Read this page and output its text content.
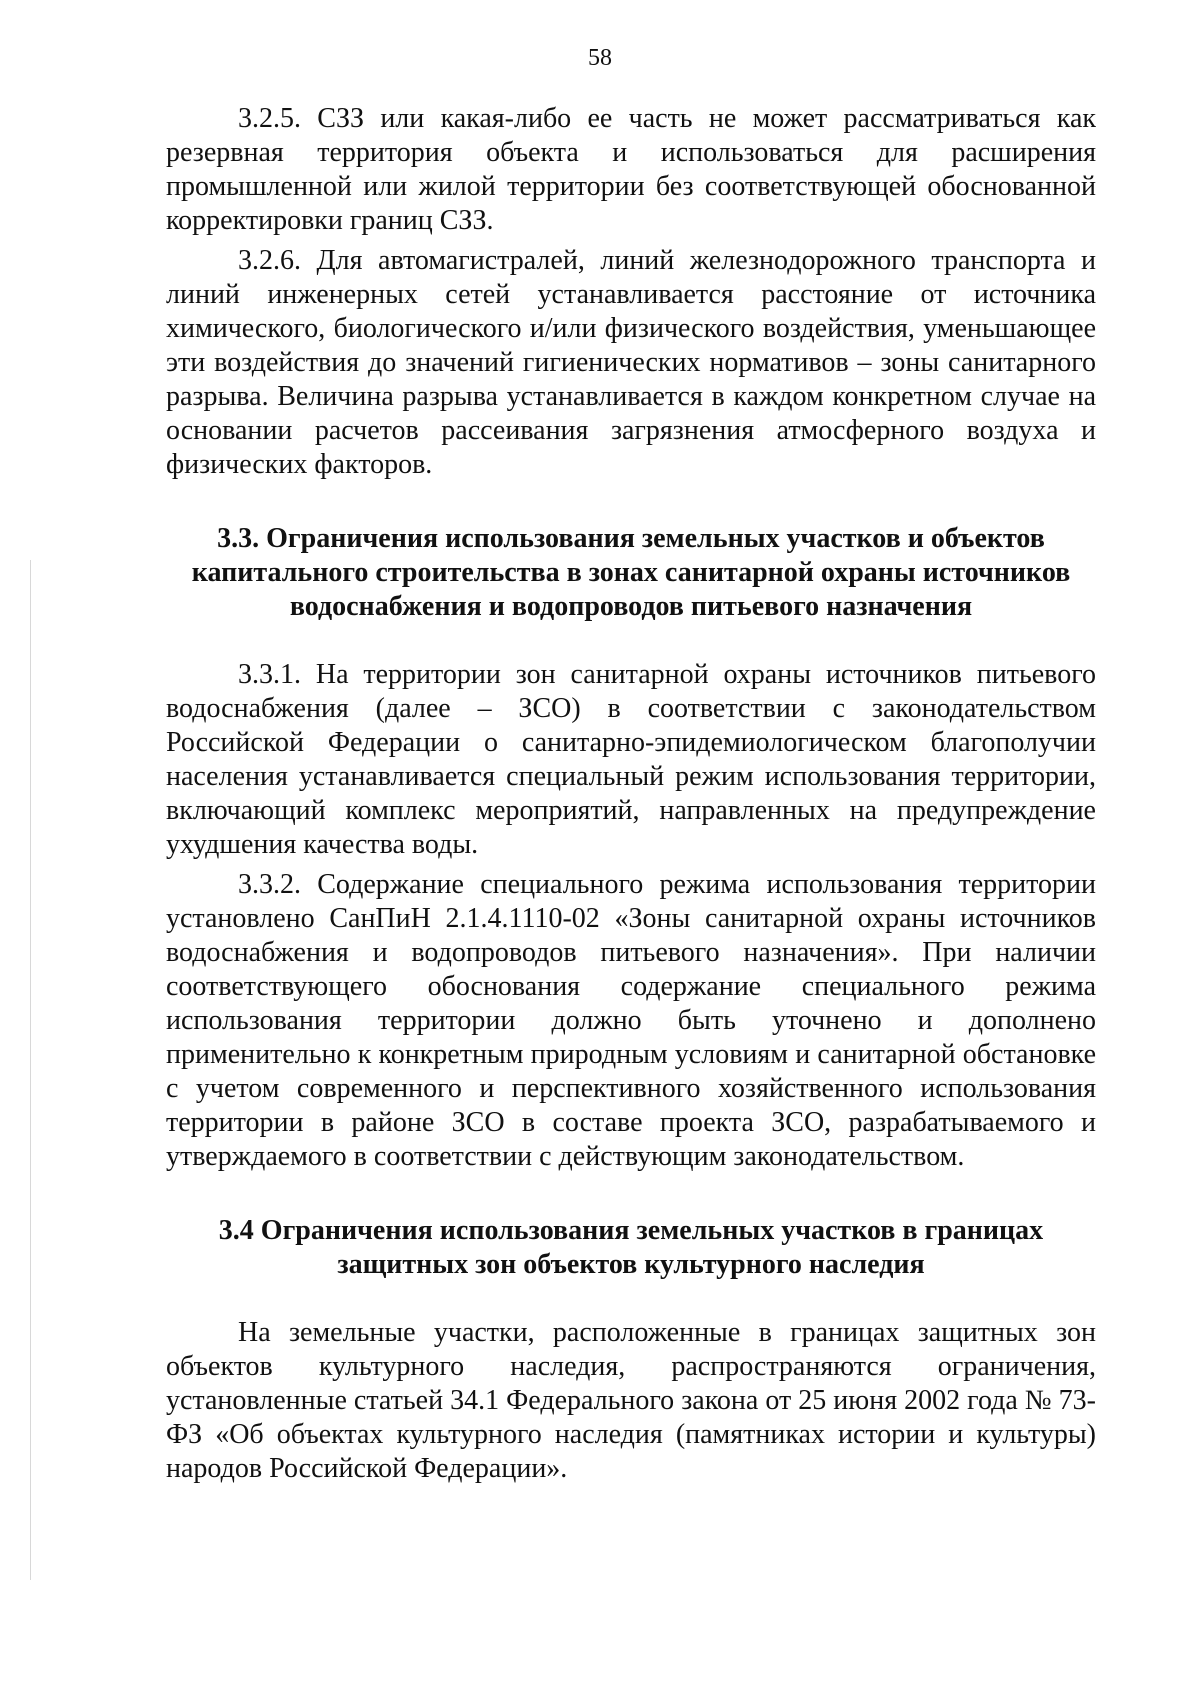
58

3.2.5. СЗЗ или какая-либо ее часть не может рассматриваться как резервная территория объекта и использоваться для расширения промышленной или жилой территории без соответствующей обоснованной корректировки границ СЗЗ.

3.2.6. Для автомагистралей, линий железнодорожного транспорта и линий инженерных сетей устанавливается расстояние от источника химического, биологического и/или физического воздействия, уменьшающее эти воздействия до значений гигиенических нормативов – зоны санитарного разрыва. Величина разрыва устанавливается в каждом конкретном случае на основании расчетов рассеивания загрязнения атмосферного воздуха и физических факторов.

3.3. Ограничения использования земельных участков и объектов капитального строительства в зонах санитарной охраны источников водоснабжения и водопроводов питьевого назначения

3.3.1. На территории зон санитарной охраны источников питьевого водоснабжения (далее – ЗСО) в соответствии с законодательством Российской Федерации о санитарно-эпидемиологическом благополучии населения устанавливается специальный режим использования территории, включающий комплекс мероприятий, направленных на предупреждение ухудшения качества воды.

3.3.2. Содержание специального режима использования территории установлено СанПиН 2.1.4.1110-02 «Зоны санитарной охраны источников водоснабжения и водопроводов питьевого назначения». При наличии соответствующего обоснования содержание специального режима использования территории должно быть уточнено и дополнено применительно к конкретным природным условиям и санитарной обстановке с учетом современного и перспективного хозяйственного использования территории в районе ЗСО в составе проекта ЗСО, разрабатываемого и утверждаемого в соответствии с действующим законодательством.

3.4 Ограничения использования земельных участков в границах защитных зон объектов культурного наследия

На земельные участки, расположенные в границах защитных зон объектов культурного наследия, распространяются ограничения, установленные статьей 34.1 Федерального закона от 25 июня 2002 года № 73-ФЗ «Об объектах культурного наследия (памятниках истории и культуры) народов Российской Федерации».
